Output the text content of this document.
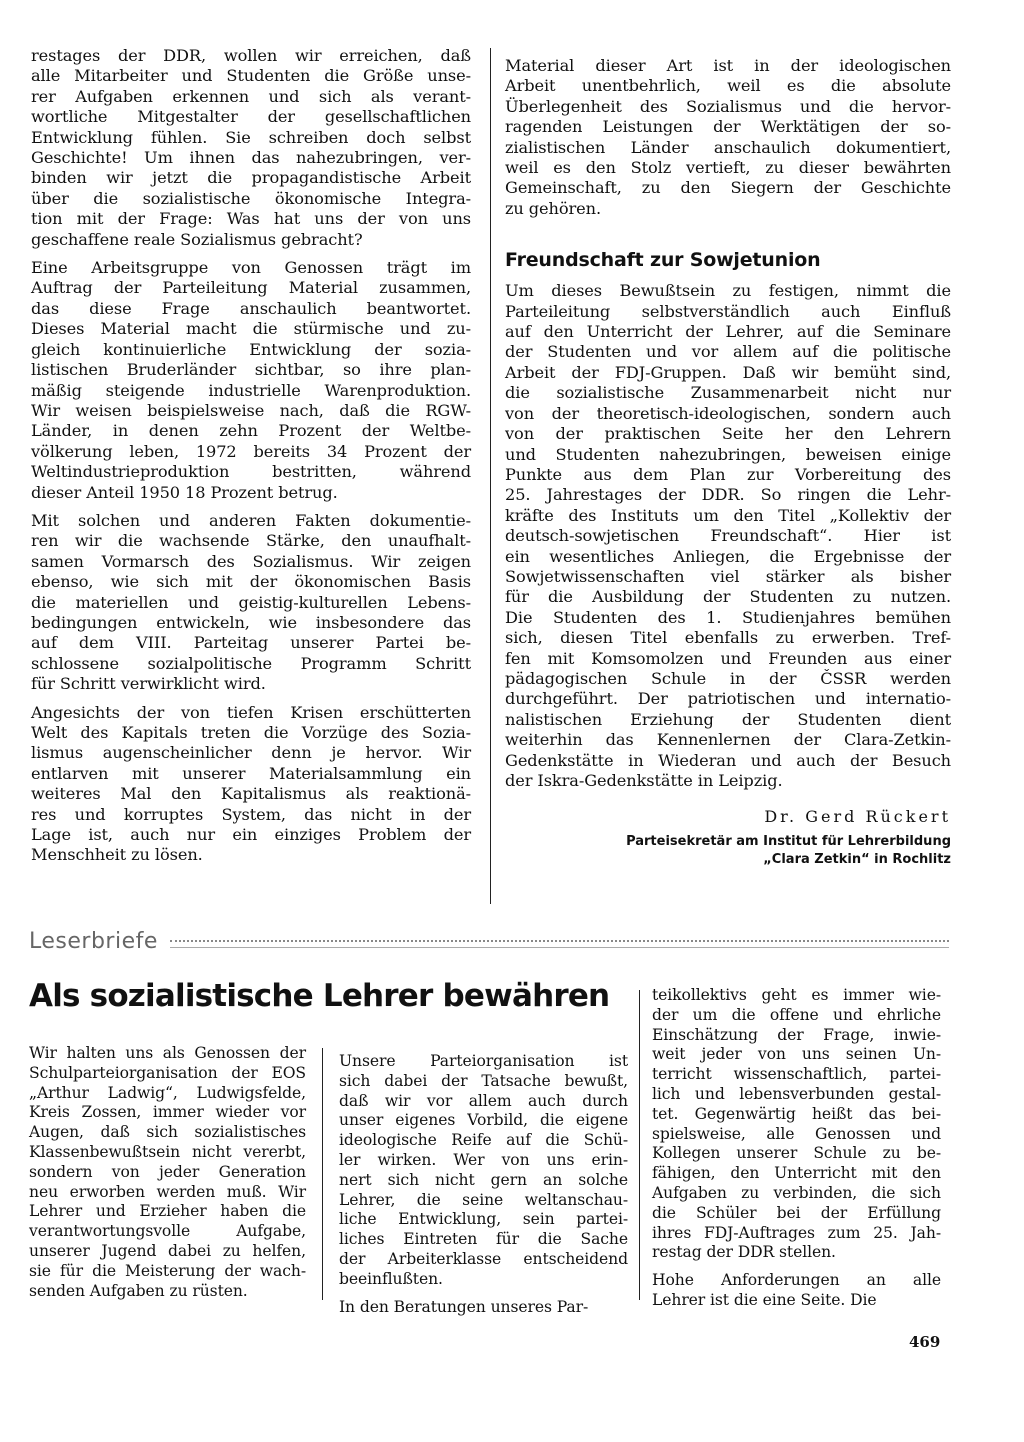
restages der DDR, wollen wir erreichen, daß
alle Mitarbeiter und Studenten die Größe unse-
rer Aufgaben erkennen und sich als verant-
wortliche Mitgestalter der gesellschaftlichen
Entwicklung fühlen. Sie schreiben doch selbst
Geschichte! Um ihnen das nahezubringen, ver-
binden wir jetzt die propagandistische Arbeit
über die sozialistische ökonomische Integra-
tion mit der Frage: Was hat uns der von uns
geschaffene reale Sozialismus gebracht?

Eine Arbeitsgruppe von Genossen trägt im
Auftrag der Parteileitung Material zusammen,
das diese Frage anschaulich beantwortet.
Dieses Material macht die stürmische und zu-
gleich kontinuierliche Entwicklung der sozia-
listischen Bruderländer sichtbar, so ihre plan-
mäßig steigende industrielle Warenproduktion.
Wir weisen beispielsweise nach, daß die RGW-
Länder, in denen zehn Prozent der Weltbe-
völkerung leben, 1972 bereits 34 Prozent der
Weltindustrieproduktion bestritten, während
dieser Anteil 1950 18 Prozent betrug.

Mit solchen und anderen Fakten dokumentie-
ren wir die wachsende Stärke, den unaufhalt-
samen Vormarsch des Sozialismus. Wir zeigen
ebenso, wie sich mit der ökonomischen Basis
die materiellen und geistig-kulturellen Lebens-
bedingungen entwickeln, wie insbesondere das
auf dem VIII. Parteitag unserer Partei be-
schlossene sozialpolitische Programm Schritt
für Schritt verwirklicht wird.

Angesichts der von tiefen Krisen erschütterten
Welt des Kapitals treten die Vorzüge des Sozia-
lismus augenscheinlicher denn je hervor. Wir
entlarven mit unserer Materialsammlung ein
weiteres Mal den Kapitalismus als reaktionä-
res und korruptes System, das nicht in der
Lage ist, auch nur ein einziges Problem der
Menschheit zu lösen.

Material dieser Art ist in der ideologischen
Arbeit unentbehrlich, weil es die absolute
Überlegenheit des Sozialismus und die hervor-
ragenden Leistungen der Werktätigen der so-
zialistischen Länder anschaulich dokumentiert,
weil es den Stolz vertieft, zu dieser bewährten
Gemeinschaft, zu den Siegern der Geschichte
zu gehören.

Freundschaft zur Sowjetunion

Um dieses Bewußtsein zu festigen, nimmt die
Parteileitung selbstverständlich auch Einfluß
auf den Unterricht der Lehrer, auf die Seminare
der Studenten und vor allem auf die politische
Arbeit der FDJ-Gruppen. Daß wir bemüht sind,
die sozialistische Zusammenarbeit nicht nur
von der theoretisch-ideologischen, sondern auch
von der praktischen Seite her den Lehrern
und Studenten nahezubringen, beweisen einige
Punkte aus dem Plan zur Vorbereitung des
25. Jahrestages der DDR. So ringen die Lehr-
kräfte des Instituts um den Titel „Kollektiv der
deutsch-sowjetischen Freundschaft“. Hier ist
ein wesentliches Anliegen, die Ergebnisse der
Sowjetwissenschaften viel stärker als bisher
für die Ausbildung der Studenten zu nutzen.
Die Studenten des 1. Studienjahres bemühen
sich, diesen Titel ebenfalls zu erwerben. Tref-
fen mit Komsomolzen und Freunden aus einer
pädagogischen Schule in der ČSSR werden
durchgeführt. Der patriotischen und internatio-
nalistischen Erziehung der Studenten dient
weiterhin das Kennenlernen der Clara-Zetkin-
Gedenkstätte in Wiederan und auch der Besuch
der Iskra-Gedenkstätte in Leipzig.

Dr. Gerd Rückert
Parteisekretär am Institut für Lehrerbildung
„Clara Zetkin“ in Rochlitz
Leserbriefe
Als sozialistische Lehrer bewähren

Wir halten uns als Genossen der
Schulparteiorganisation der EOS
„Arthur Ladwig“, Ludwigsfelde,
Kreis Zossen, immer wieder vor
Augen, daß sich sozialistisches
Klassenbewußtsein nicht vererbt,
sondern von jeder Generation
neu erworben werden muß. Wir
Lehrer und Erzieher haben die
verantwortungsvolle Aufgabe,
unserer Jugend dabei zu helfen,
sie für die Meisterung der wach-
senden Aufgaben zu rüsten.

Unsere Parteiorganisation ist
sich dabei der Tatsache bewußt,
daß wir vor allem auch durch
unser eigenes Vorbild, die eigene
ideologische Reife auf die Schü-
ler wirken. Wer von uns erin-
nert sich nicht gern an solche
Lehrer, die seine weltanschau-
liche Entwicklung, sein partei-
liches Eintreten für die Sache
der Arbeiterklasse entscheidend
beeinflußten.

In den Beratungen unseres Par-

teikollektivs geht es immer wie-
der um die offene und ehrliche
Einschätzung der Frage, inwie-
weit jeder von uns seinen Un-
terricht wissenschaftlich, partei-
lich und lebensverbunden gestal-
tet. Gegenwärtig heißt das bei-
spielsweise, alle Genossen und
Kollegen unserer Schule zu be-
fähigen, den Unterricht mit den
Aufgaben zu verbinden, die sich
die Schüler bei der Erfüllung
ihres FDJ-Auftrages zum 25. Jah-
restag der DDR stellen.

Hohe Anforderungen an alle
Lehrer ist die eine Seite. Die

469
